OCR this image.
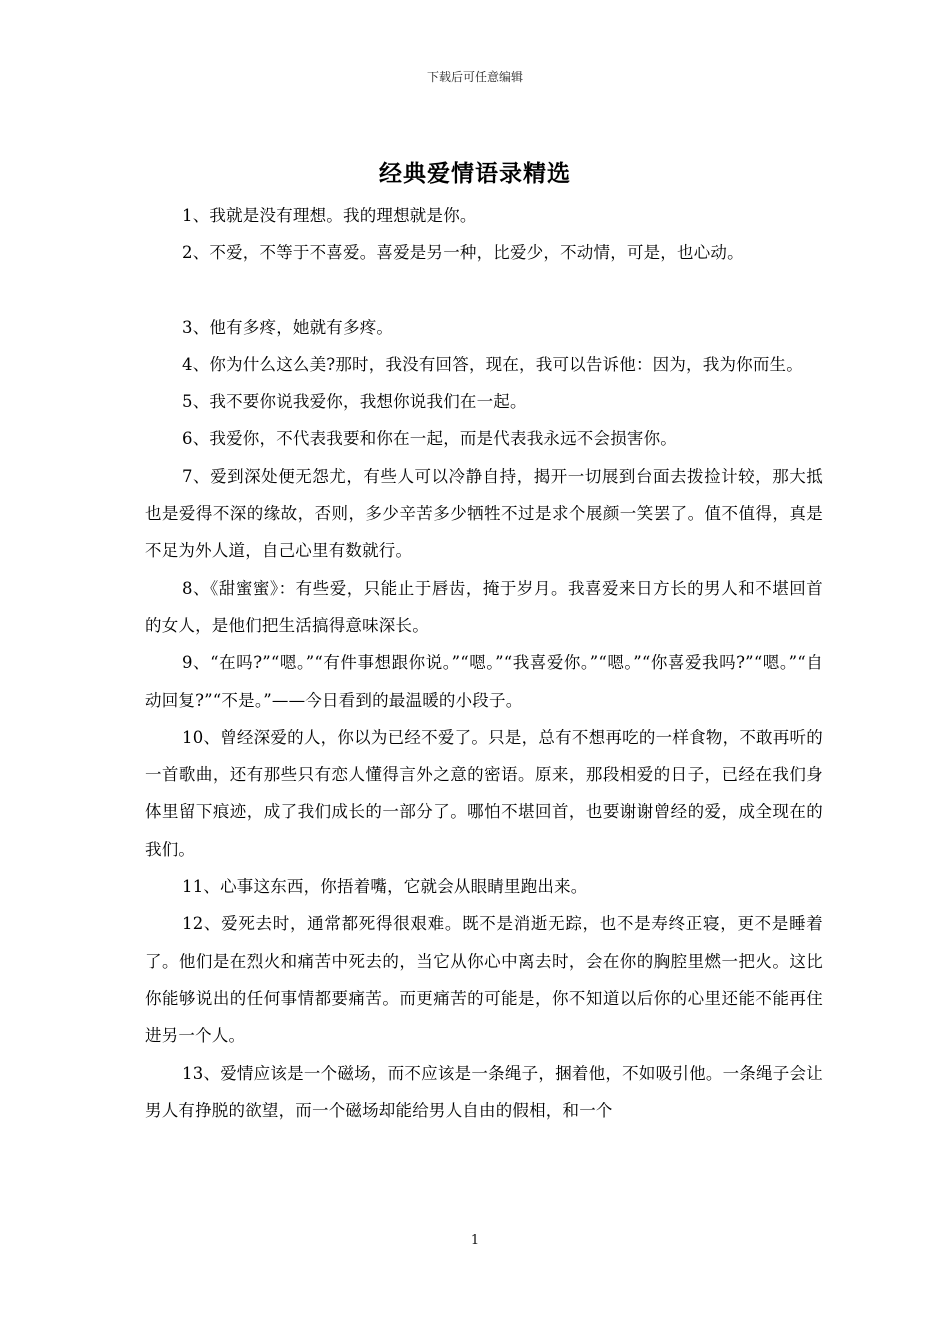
下载后可任意编辑
经典爱情语录精选

1、我就是没有理想。我的理想就是你。

2、不爱，不等于不喜爱。喜爱是另一种，比爱少，不动情，可是，也心动。

3、他有多疼，她就有多疼。

4、你为什么这么美?那时，我没有回答，现在，我可以告诉他：因为，我为你而生。

5、我不要你说我爱你，我想你说我们在一起。

6、我爱你，不代表我要和你在一起，而是代表我永远不会损害你。

7、爱到深处便无怨尤，有些人可以冷静自持，揭开一切展到台面去拨捡计较，那大抵也是爱得不深的缘故，否则，多少辛苦多少牺牲不过是求个展颜一笑罢了。值不值得，真是不足为外人道，自己心里有数就行。

8、《甜蜜蜜》：有些爱，只能止于唇齿，掩于岁月。我喜爱来日方长的男人和不堪回首的女人，是他们把生活搞得意味深长。

9、“在吗?”“嗯。”“有件事想跟你说。”“嗯。”“我喜爱你。”“嗯。”“你喜爱我吗?”“嗯。”“自动回复?”“不是。”——今日看到的最温暖的小段子。

10、曾经深爱的人，你以为已经不爱了。只是，总有不想再吃的一样食物，不敢再听的一首歌曲，还有那些只有恋人懂得言外之意的密语。原来，那段相爱的日子，已经在我们身体里留下痕迹，成了我们成长的一部分了。哪怕不堪回首，也要谢谢曾经的爱，成全现在的我们。

11、心事这东西，你捂着嘴，它就会从眼睛里跑出来。

12、爱死去时，通常都死得很艰难。既不是消逝无踪，也不是寿终正寝，更不是睡着了。他们是在烈火和痛苦中死去的，当它从你心中离去时，会在你的胸腔里燃一把火。这比你能够说出的任何事情都要痛苦。而更痛苦的可能是，你不知道以后你的心里还能不能再住进另一个人。

13、爱情应该是一个磁场，而不应该是一条绳子，捆着他，不如吸引他。一条绳子会让男人有挣脱的欲望，而一个磁场却能给男人自由的假相，和一个

1
